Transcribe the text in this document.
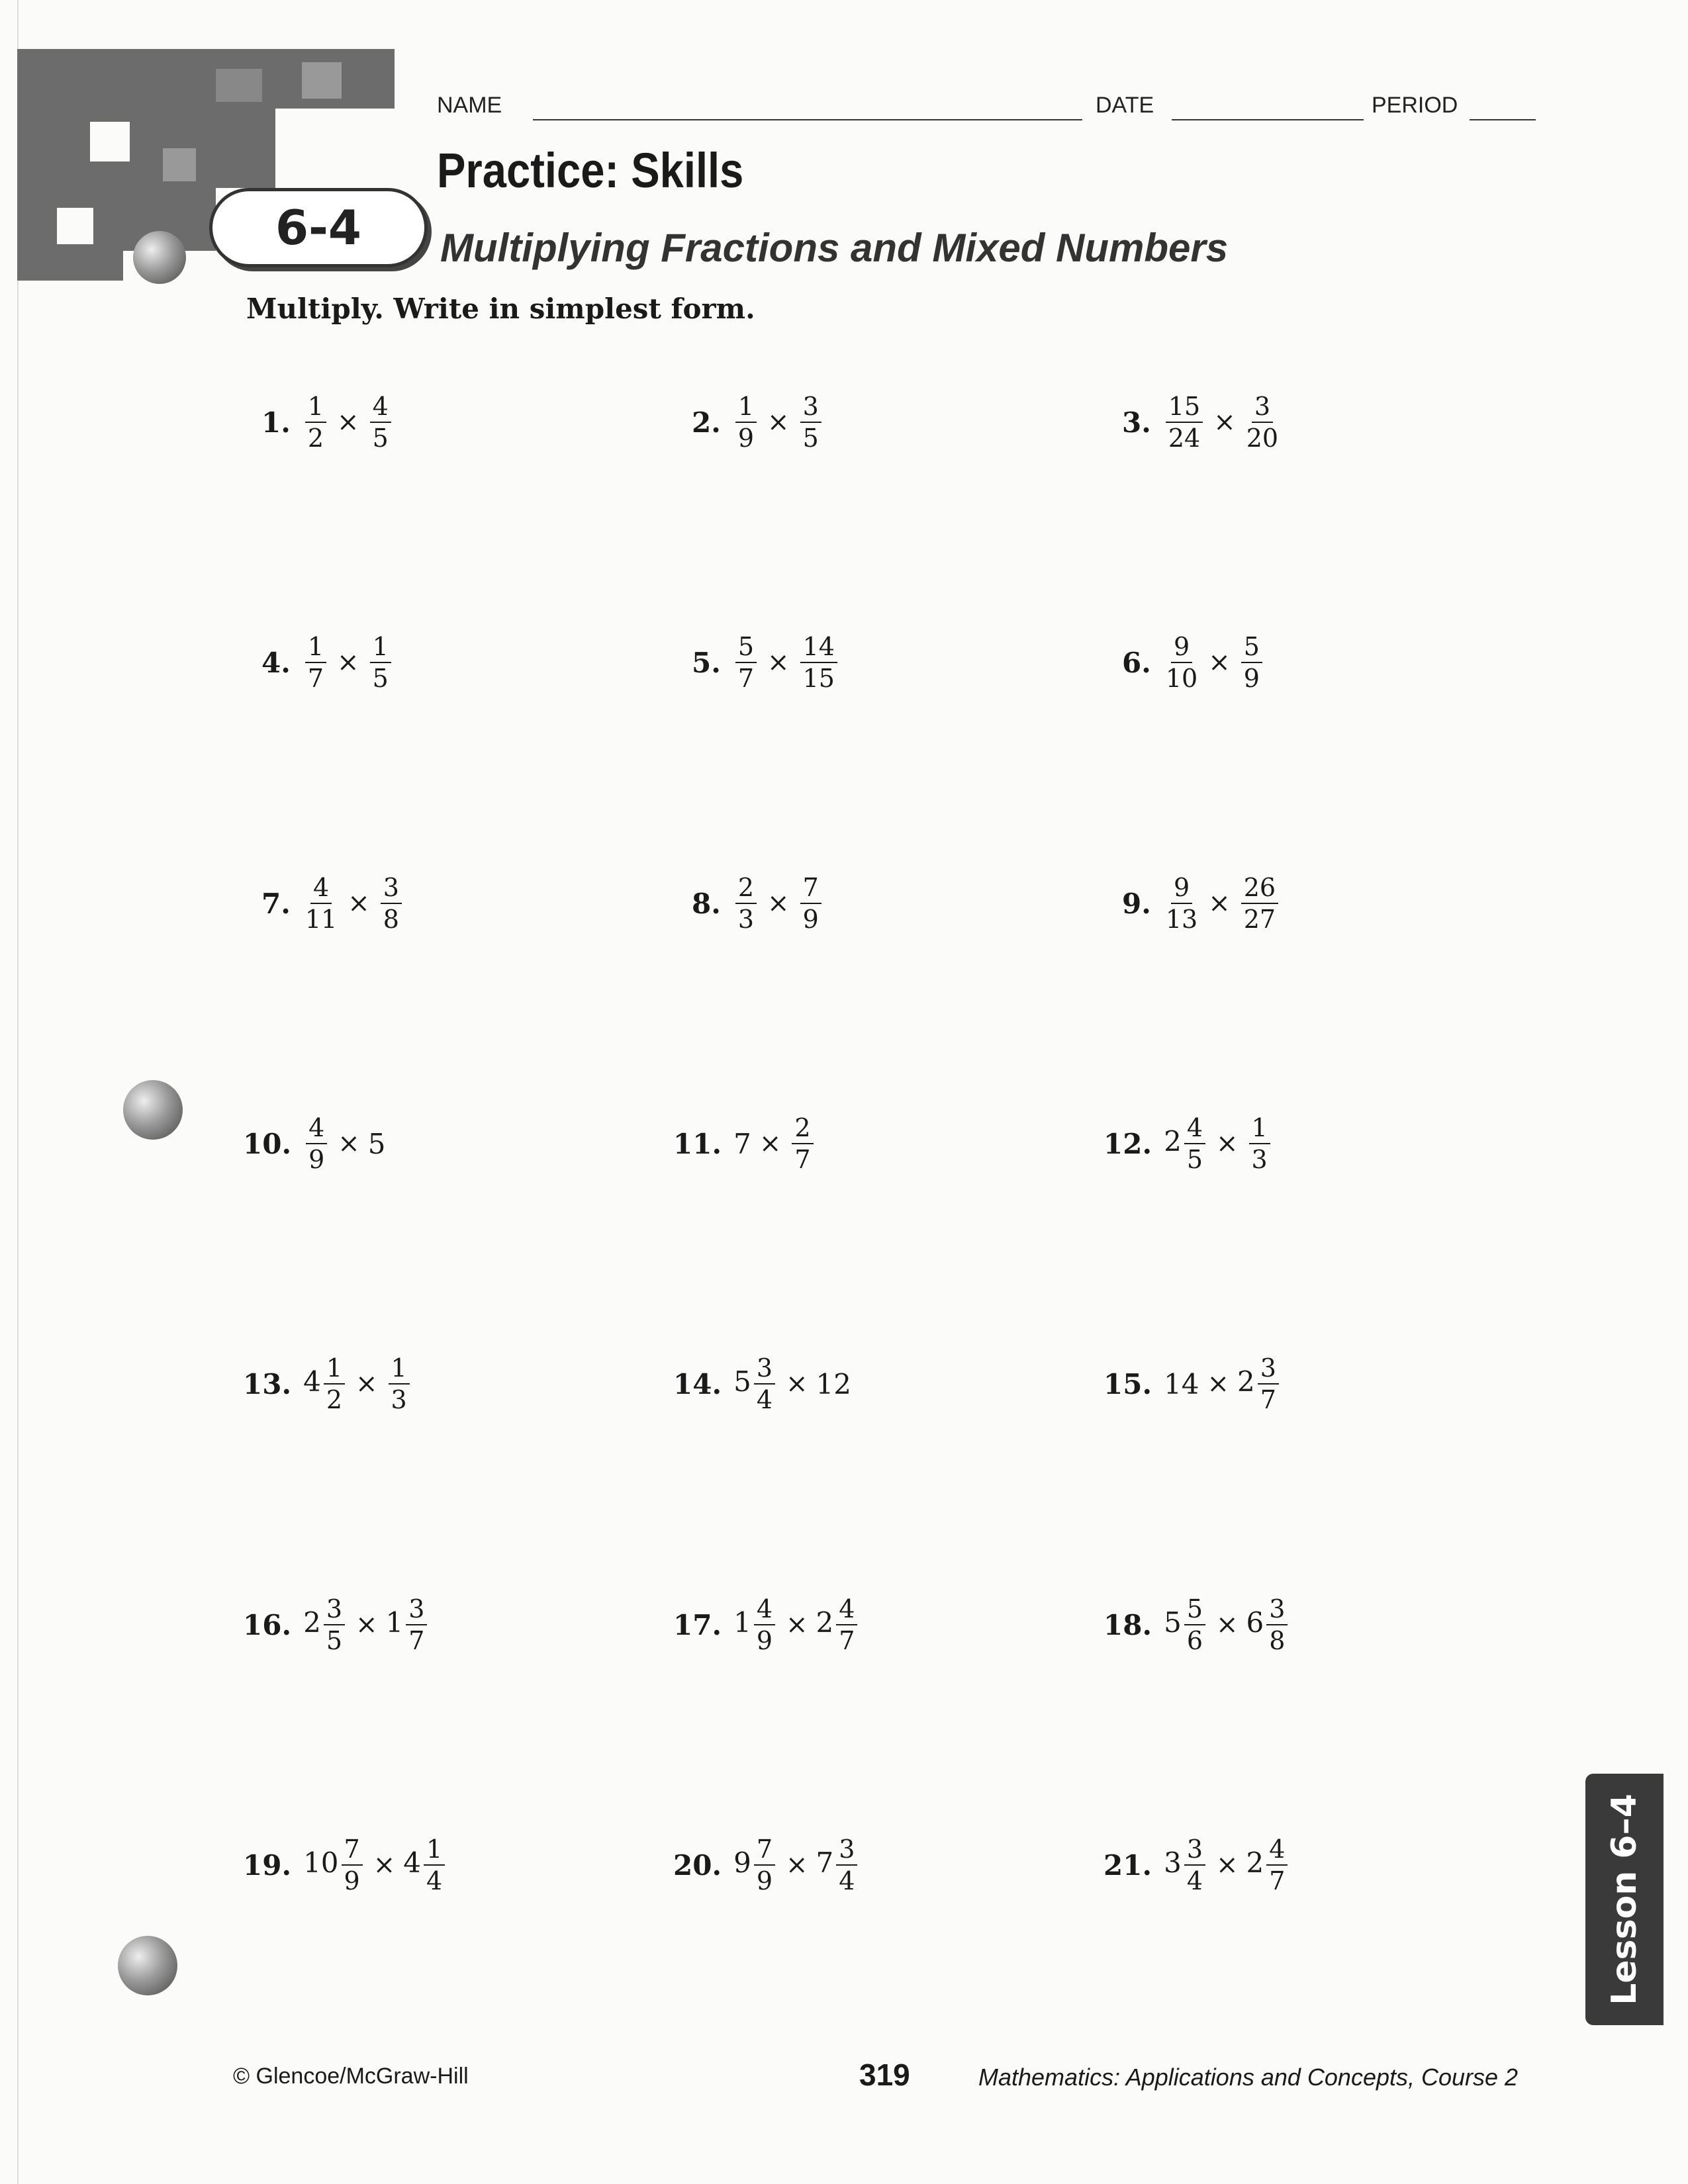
6-4
NAME	DATE	PERIOD
Practice: Skills
Multiplying Fractions and Mixed Numbers
Multiply. Write in simplest form.
1. $\frac{1}{2} \times \frac{4}{5}$	2. $\frac{1}{9} \times \frac{3}{5}$	3. $\frac{15}{24} \times \frac{3}{20}$
4. $\frac{1}{7} \times \frac{1}{5}$	5. $\frac{5}{7} \times \frac{14}{15}$	6. $\frac{9}{10} \times \frac{5}{9}$
7. $\frac{4}{11} \times \frac{3}{8}$	8. $\frac{2}{3} \times \frac{7}{9}$	9. $\frac{9}{13} \times \frac{26}{27}$
10. $\frac{4}{9} \times 5$	11. $7 \times \frac{2}{7}$	12. $2 \frac{4}{5} \times \frac{1}{3}$
13. $4 \frac{1}{2} \times \frac{1}{3}$	14. $5 \frac{3}{4} \times 12$	15. $14 \times 2 \frac{3}{7}$
16. $2 \frac{3}{5} \times 1 \frac{3}{7}$	17. $1 \frac{4}{9} \times 2 \frac{4}{7}$	18. $5 \frac{5}{6} \times 6 \frac{3}{8}$
19. $10 \frac{7}{9} \times 4 \frac{1}{4}$	20. $9 \frac{7}{9} \times 7 \frac{3}{4}$	21. $3 \frac{3}{4} \times 2 \frac{4}{7}$	Lesson 6–4
© Glencoe/McGraw-Hill	319	Mathematics: Applications and Concepts, Course 2
